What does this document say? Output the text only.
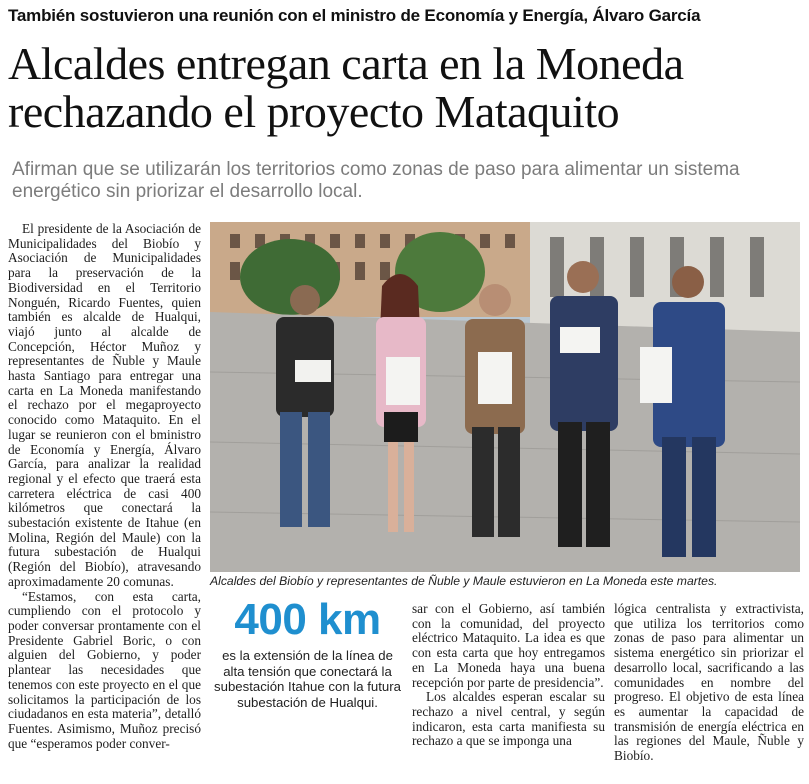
También sostuvieron una reunión con el ministro de Economía y Energía, Álvaro García
Alcaldes entregan carta en la Moneda
rechazando el proyecto Mataquito
Afirman que se utilizarán los territorios como zonas de paso para alimentar un sistema
energético sin priorizar el desarrollo local.

El presidente de la Asociación de Municipalidades del Biobío y Asociación de Municipalidades para la preservación de la Biodiversidad en el Territorio Nonguén, Ricardo Fuentes, quien también es alcalde de Hualqui, viajó junto al alcalde de Concepción, Héctor Muñoz y representantes de Ñuble y Maule hasta Santiago para entregar una carta en La Moneda manifestando el rechazo por el megaproyecto conocido como Mataquito. En el lugar se reunieron con el bministro de Economía y Energía, Álvaro García, para analizar la realidad regional y el efecto que traerá esta carretera eléctrica de casi 400 kilómetros que conectará la subestación existente de Itahue (en Molina, Región del Maule) con la futura subestación de Hualqui (Región del Biobío), atravesando aproximadamente 20 comunas.

“Estamos, con esta carta, cumpliendo con el protocolo y poder conversar prontamente con el Presidente Gabriel Boric, o con alguien del Gobierno, y poder plantear las necesidades que tenemos con este proyecto en el que solicitamos la participación de los ciudadanos en esta materia”, detalló Fuentes. Asimismo, Muñoz precisó que “esperamos poder conver-

Alcaldes del Biobío y representantes de Ñuble y Maule estuvieron en La Moneda este martes.
400 km
es la extensión de la línea de alta tensión que conectará la subestación Itahue con la futura subestación de Hualqui.

sar con el Gobierno, así también con la comunidad, del proyecto eléctrico Mataquito. La idea es que con esta carta que hoy entregamos en La Moneda haya una buena recepción por parte de presidencia”.

Los alcaldes esperan escalar su rechazo a nivel central, y según indicaron, esta carta manifiesta su rechazo a que se imponga una

lógica centralista y extractivista, que utiliza los territorios como zonas de paso para alimentar un sistema energético sin priorizar el desarrollo local, sacrificando a las comunidades en nombre del progreso. El objetivo de esta línea es aumentar la capacidad de transmisión de energía eléctrica en las regiones del Maule, Ñuble y Biobío.
